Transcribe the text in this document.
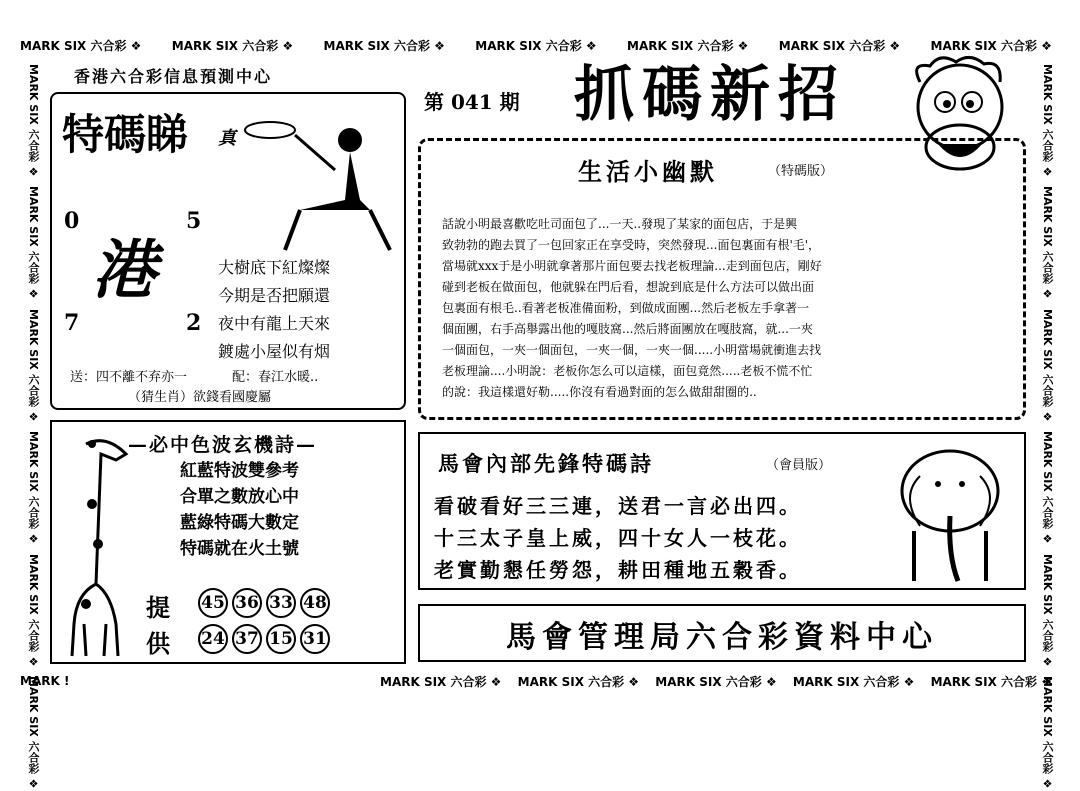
MARK SIX 六合彩 ❖	MARK SIX 六合彩 ❖	MARK SIX 六合彩 ❖	MARK SIX 六合彩 ❖	MARK SIX 六合彩 ❖	MARK SIX 六合彩 ❖	MARK SIX 六合彩 ❖
MARK SIX 六合彩 ❖ MARK SIX 六合彩 ❖ MARK SIX 六合彩 ❖ MARK SIX 六合彩 ❖ MARK SIX 六合彩 ❖
MARK !
MARK SIX 六合彩 ❖
MARK SIX 六合彩 ❖
MARK SIX 六合彩 ❖
MARK SIX 六合彩 ❖
MARK SIX 六合彩 ❖
MARK SIX 六合彩 ❖
MARK SIX 六合彩 ❖
MARK SIX 六合彩 ❖
MARK SIX 六合彩 ❖
MARK SIX 六合彩 ❖
MARK SIX 六合彩 ❖
MARK SIX 六合彩 ❖
香港六合彩信息預測中心
第 041 期 抓碼新招
特碼睇 真
0	5
7	2
港	大樹底下紅燦燦
今期是否把願還
夜中有龍上天來
鍍處小屋似有烟
送：四不離不弃亦一	配：春江水暖..
（猜生肖）欲錢看國慶屬
生活小幽默	（特碼版）
話說小明最喜歡吃吐司面包了...一天..發現了某家的面包店，于是興
致勃勃的跑去買了一包回家正在享受時，突然發現...面包裏面有根'毛'，
當場就xxx于是小明就拿著那片面包要去找老板理論...走到面包店，剛好
碰到老板在做面包，他就躲在門后看，想說到底是什么方法可以做出面
包裏面有根毛..看著老板准備面粉，到做成面團...然后老板左手拿著一
個面團，右手高舉露出他的嘎肢窩...然后將面團放在嘎肢窩，就...一夾
一個面包，一夾一個面包，一夾一個，一夾一個.....小明當場就衝進去找
老板理論....小明說：老板你怎么可以這樣，面包竟然.....老板不慌不忙
的說：我這樣還好勒.....你沒有看過對面的怎么做甜甜圈的..
—必中色波玄機詩—
紅藍特波雙參考
合單之數放心中
藍綠特碼大數定
特碼就在火土號
提
供
45 36 33 48
24 37 15 31
馬會內部先鋒特碼詩	（會員版）
看破看好三三連，送君一言必出四。
十三太子皇上威，四十女人一枝花。
老實勤懇任勞怨，耕田種地五穀香。
馬會管理局六合彩資料中心
